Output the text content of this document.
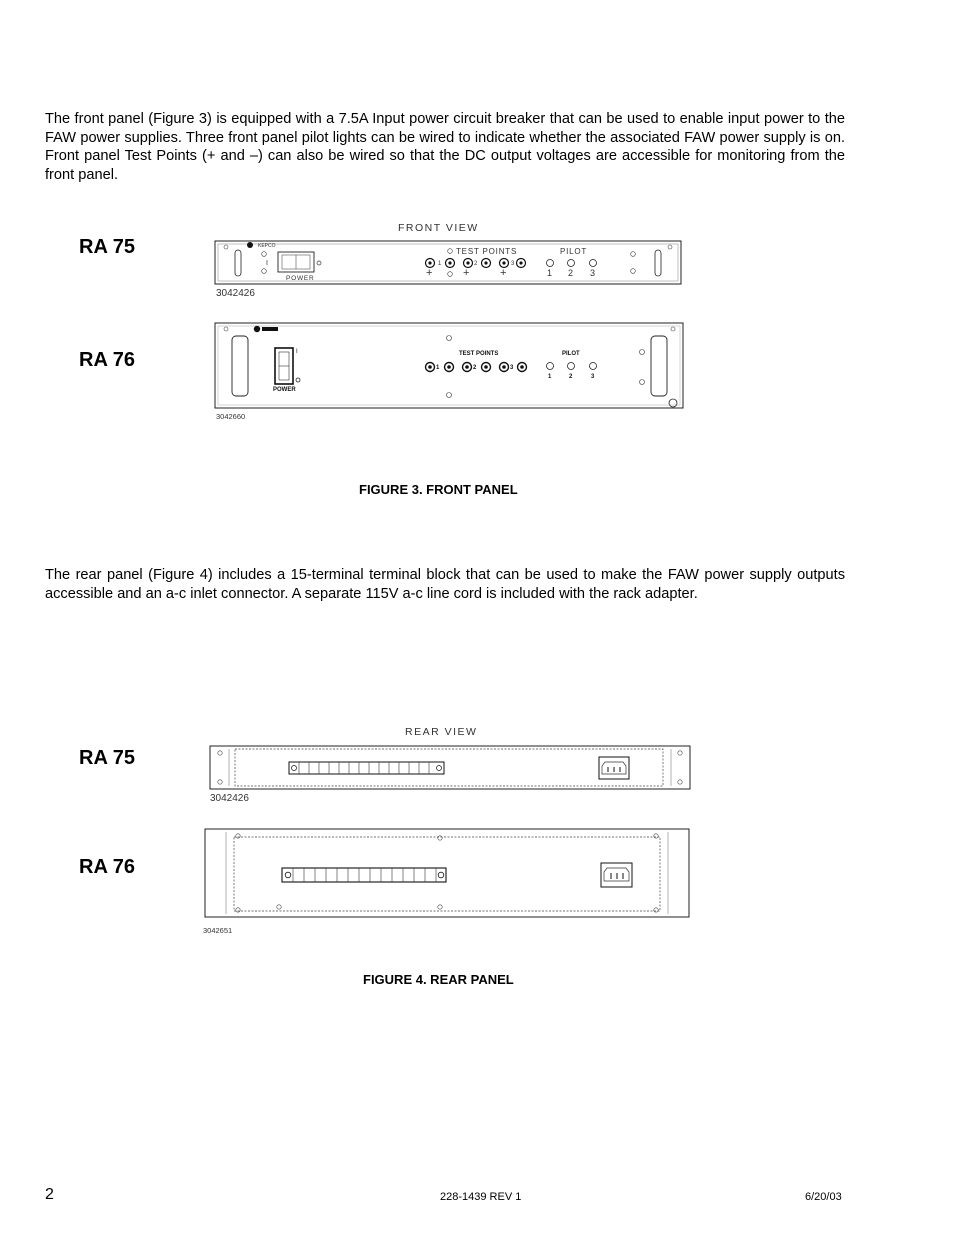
The front panel (Figure 3) is equipped with a 7.5A Input power circuit breaker that can be used to enable input power to the FAW power supplies. Three front panel pilot lights can be wired to indicate whether the associated FAW power supply is on. Front panel Test Points (+ and –) can also be wired so that the DC output voltages are accessible for monitoring from the front panel.

FRONT VIEW
RA 75
RA 76
KEPCO
I
POWER
TEST POINTS
1	2	3
+	+	+
PILOT
1 2 3
3042426
I
POWER
TEST POINTS
1	2	3
PILOT
1	2	3
3042660
FIGURE 3. FRONT PANEL

The rear panel (Figure 4) includes a 15-terminal terminal block that can be used to make the FAW power supply outputs accessible and an a-c inlet connector. A separate 115V a-c line cord is included with the rack adapter.

REAR VIEW
RA 75
RA 76
3042426
3042651
FIGURE 4. REAR PANEL
2	228-1439 REV 1	6/20/03
